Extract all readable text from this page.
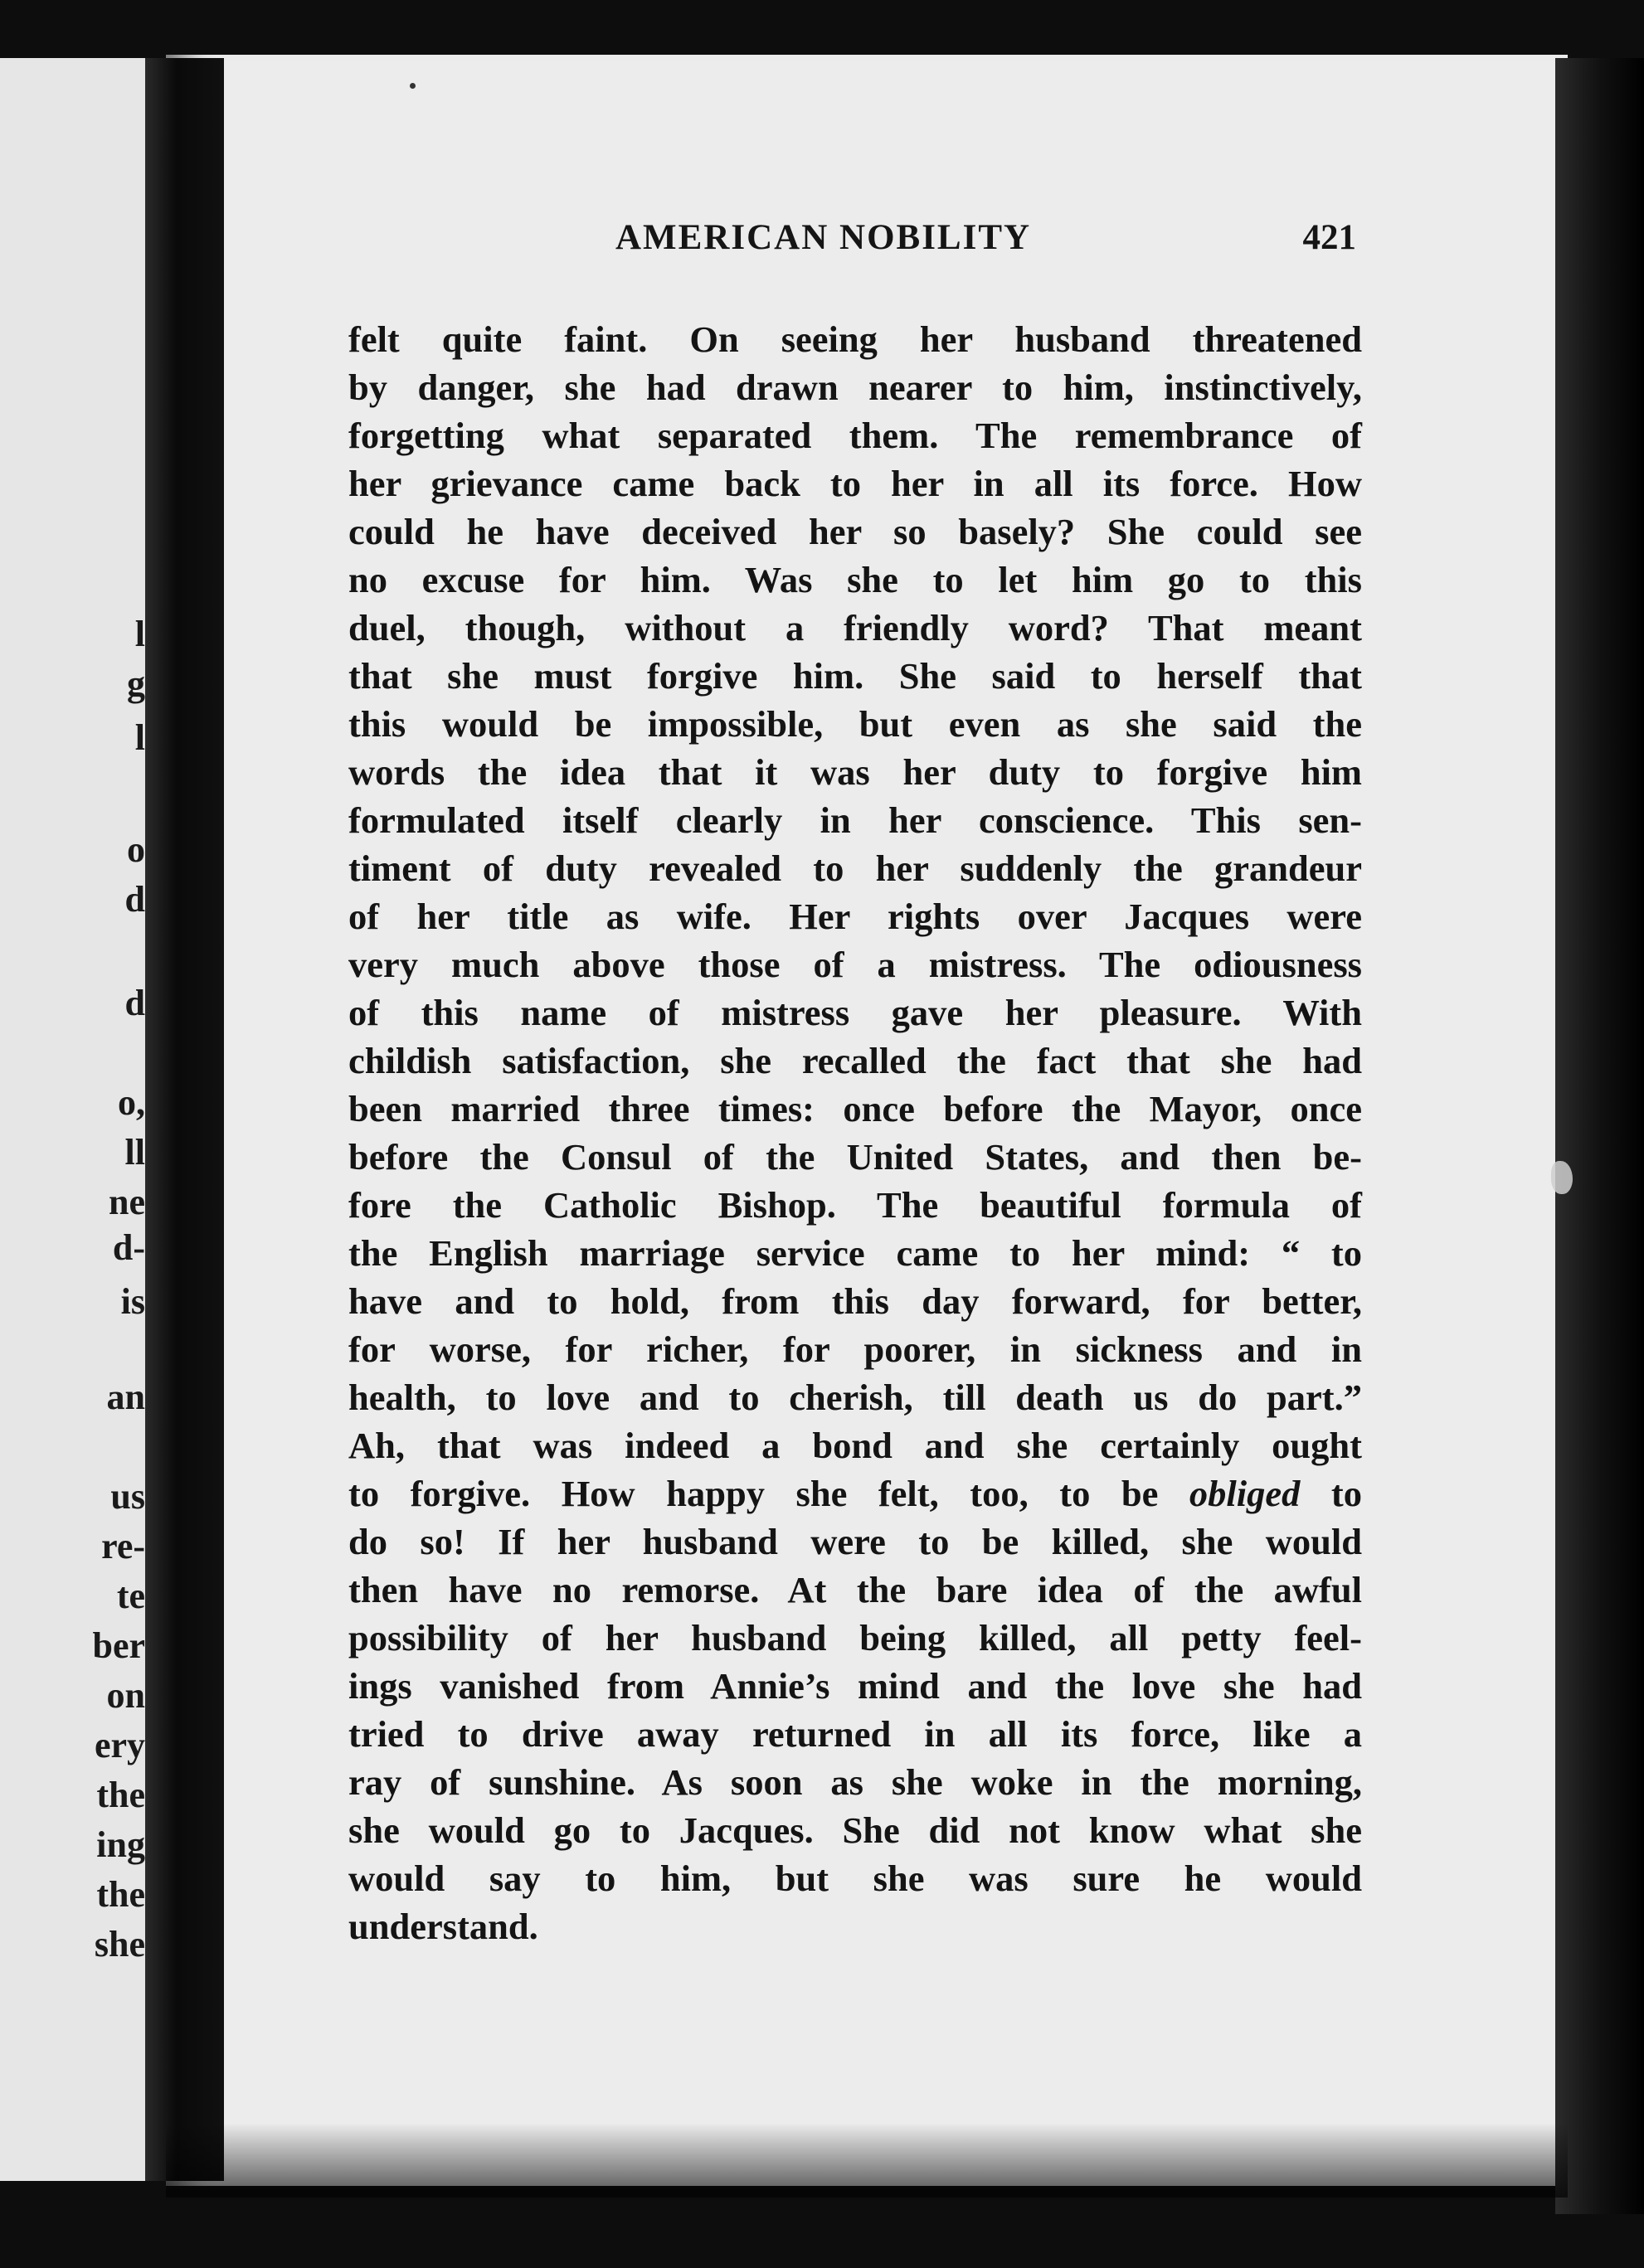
l
g
l
o
d
d
o,
ll
ne
d-
is
an
us
re-
te
ber
on
ery
the
ing
the
she
AMERICAN NOBILITY	421
felt quite faint. On seeing her husband threatened
by danger, she had drawn nearer to him, instinctively,
forgetting what separated them. The remembrance of
her grievance came back to her in all its force. How
could he have deceived her so basely? She could see
no excuse for him. Was she to let him go to this
duel, though, without a friendly word? That meant
that she must forgive him. She said to herself that
this would be impossible, but even as she said the
words the idea that it was her duty to forgive him
formulated itself clearly in her conscience. This sen-
timent of duty revealed to her suddenly the grandeur
of her title as wife. Her rights over Jacques were
very much above those of a mistress. The odiousness
of this name of mistress gave her pleasure. With
childish satisfaction, she recalled the fact that she had
been married three times: once before the Mayor, once
before the Consul of the United States, and then be-
fore the Catholic Bishop. The beautiful formula of
the English marriage service came to her mind: “ to
have and to hold, from this day forward, for better,
for worse, for richer, for poorer, in sickness and in
health, to love and to cherish, till death us do part.”
Ah, that was indeed a bond and she certainly ought
to forgive. How happy she felt, too, to be obliged to
do so! If her husband were to be killed, she would
then have no remorse. At the bare idea of the awful
possibility of her husband being killed, all petty feel-
ings vanished from Annie’s mind and the love she had
tried to drive away returned in all its force, like a
ray of sunshine. As soon as she woke in the morning,
she would go to Jacques. She did not know what she
would say to him, but she was sure he would
understand.
